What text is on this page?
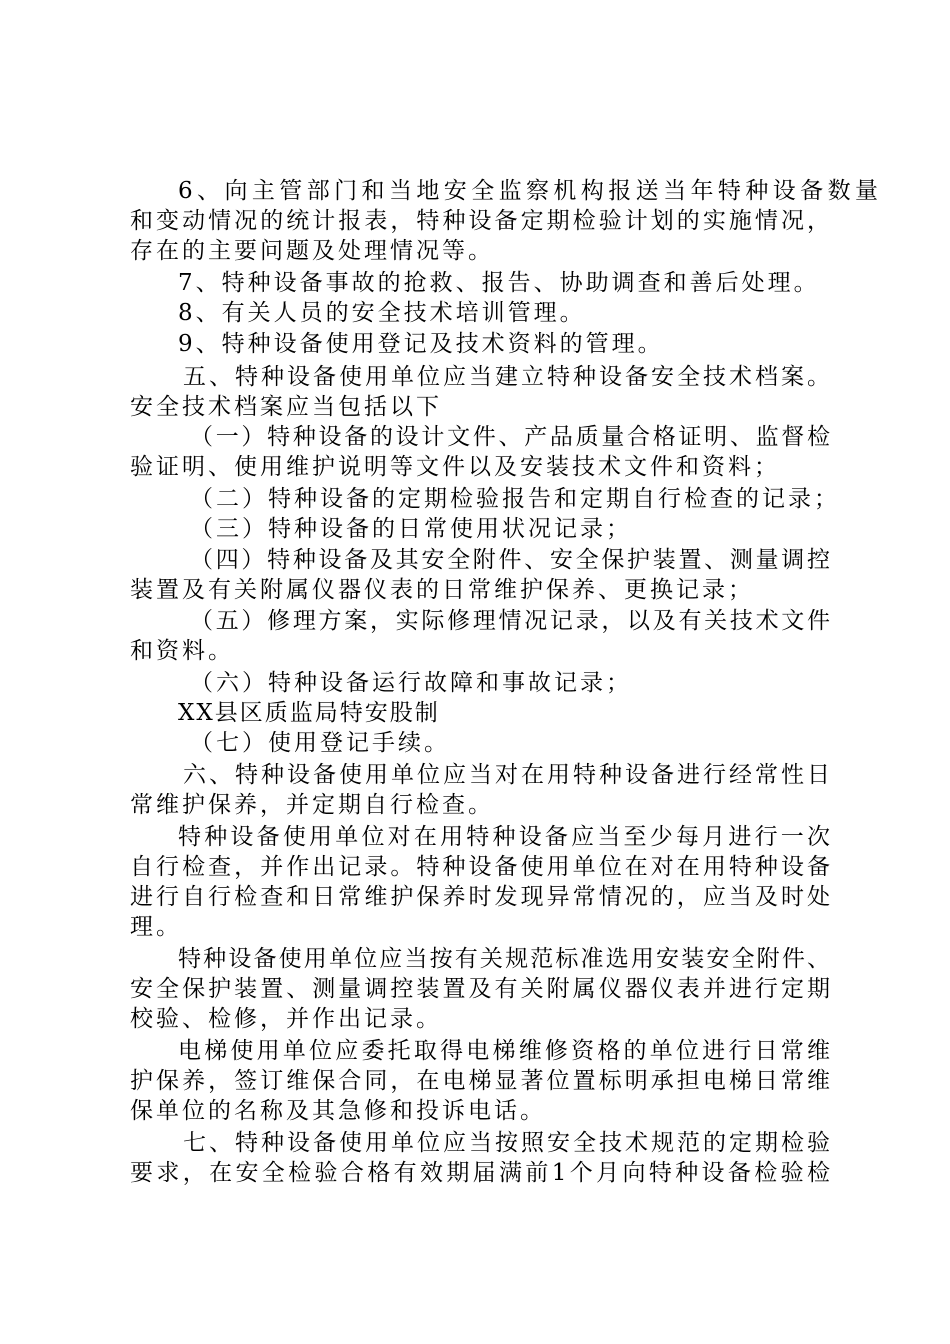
6、向主管部门和当地安全监察机构报送当年特种设备数量
和变动情况的统计报表，特种设备定期检验计划的实施情况，
存在的主要问题及处理情况等。
7、特种设备事故的抢救、报告、协助调查和善后处理。
8、有关人员的安全技术培训管理。
9、特种设备使用登记及技术资料的管理。
五、特种设备使用单位应当建立特种设备安全技术档案。
安全技术档案应当包括以下
（一）特种设备的设计文件、产品质量合格证明、监督检
验证明、使用维护说明等文件以及安装技术文件和资料；
（二）特种设备的定期检验报告和定期自行检查的记录；
（三）特种设备的日常使用状况记录；
（四）特种设备及其安全附件、安全保护装置、测量调控
装置及有关附属仪器仪表的日常维护保养、更换记录；
（五）修理方案，实际修理情况记录，以及有关技术文件
和资料。
（六）特种设备运行故障和事故记录；
XX县区质监局特安股制
（七）使用登记手续。
六、特种设备使用单位应当对在用特种设备进行经常性日
常维护保养，并定期自行检查。
特种设备使用单位对在用特种设备应当至少每月进行一次
自行检查，并作出记录。特种设备使用单位在对在用特种设备
进行自行检查和日常维护保养时发现异常情况的，应当及时处
理。
特种设备使用单位应当按有关规范标准选用安装安全附件、
安全保护装置、测量调控装置及有关附属仪器仪表并进行定期
校验、检修，并作出记录。
电梯使用单位应委托取得电梯维修资格的单位进行日常维
护保养，签订维保合同，在电梯显著位置标明承担电梯日常维
保单位的名称及其急修和投诉电话。
七、特种设备使用单位应当按照安全技术规范的定期检验
要求，在安全检验合格有效期届满前1个月向特种设备检验检
